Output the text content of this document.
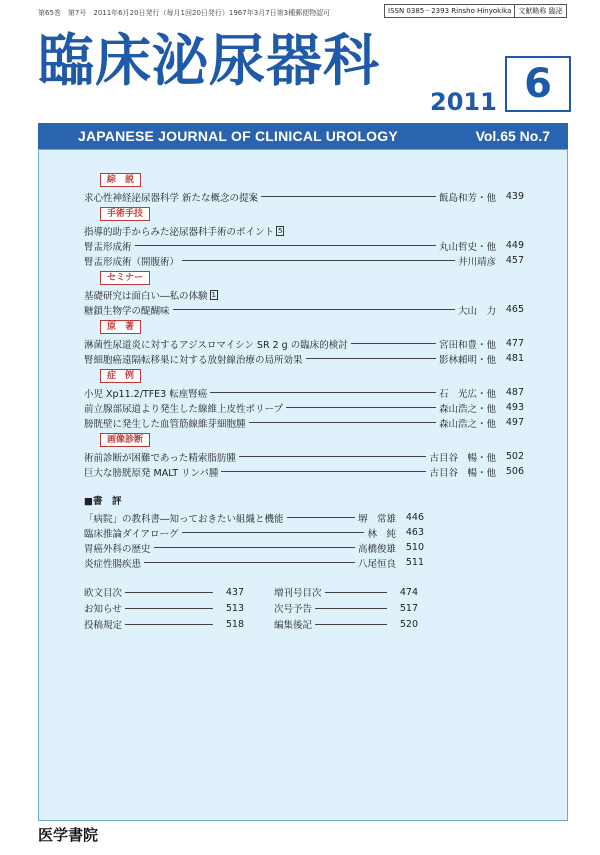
第65巻　第7号　2011年6月20日発行（毎月1回20日発行）1967年3月7日第3種郵便物認可	ISSN 0385－2393 Rinsho Hinyokika	文献略称 臨泌
臨床泌尿器科
2011 6
JAPANESE JOURNAL OF CLINICAL UROLOGY	Vol.65 No.7
綜　説
求心性神経泌尿器科学 新たな概念の提案	飯島和芳・他	439
手術手技
指導的助手からみた泌尿器科手術のポイント 5
腎盂形成術	丸山哲史・他	449
腎盂形成術（開腹術）	井川靖彦	457
セミナー
基礎研究は面白い―私の体験 1
糖鎖生物学の醍醐味	大山　力	465
原　著
淋菌性尿道炎に対するアジスロマイシン SR 2 g の臨床的検討	宮田和豊・他	477
腎細胞癌遠隔転移巣に対する放射線治療の局所効果	影林頼明・他	481
症　例
小児 Xp11.2/TFE3 転座腎癌	石　光広・他	487
前立腺部尿道より発生した線維上皮性ポリープ	森山浩之・他	493
膀胱壁に発生した血管筋線維芽細胞腫	森山浩之・他	497
画像診断
術前診断が困難であった精索脂肪腫	古目谷　暢・他	502
巨大な膀胱原発 MALT リンパ腫	古目谷　暢・他	506
■書　評
「病院」の教科書―知っておきたい組織と機能	堺　常雄	446
臨床推論ダイアローグ	林　純	463
胃癌外科の歴史	高橋俊雄	510
炎症性腸疾患	八尾恒良	511
欧文目次	437
お知らせ	513
投稿規定	518
増刊号目次	474
次号予告	517
編集後記	520
医学書院
